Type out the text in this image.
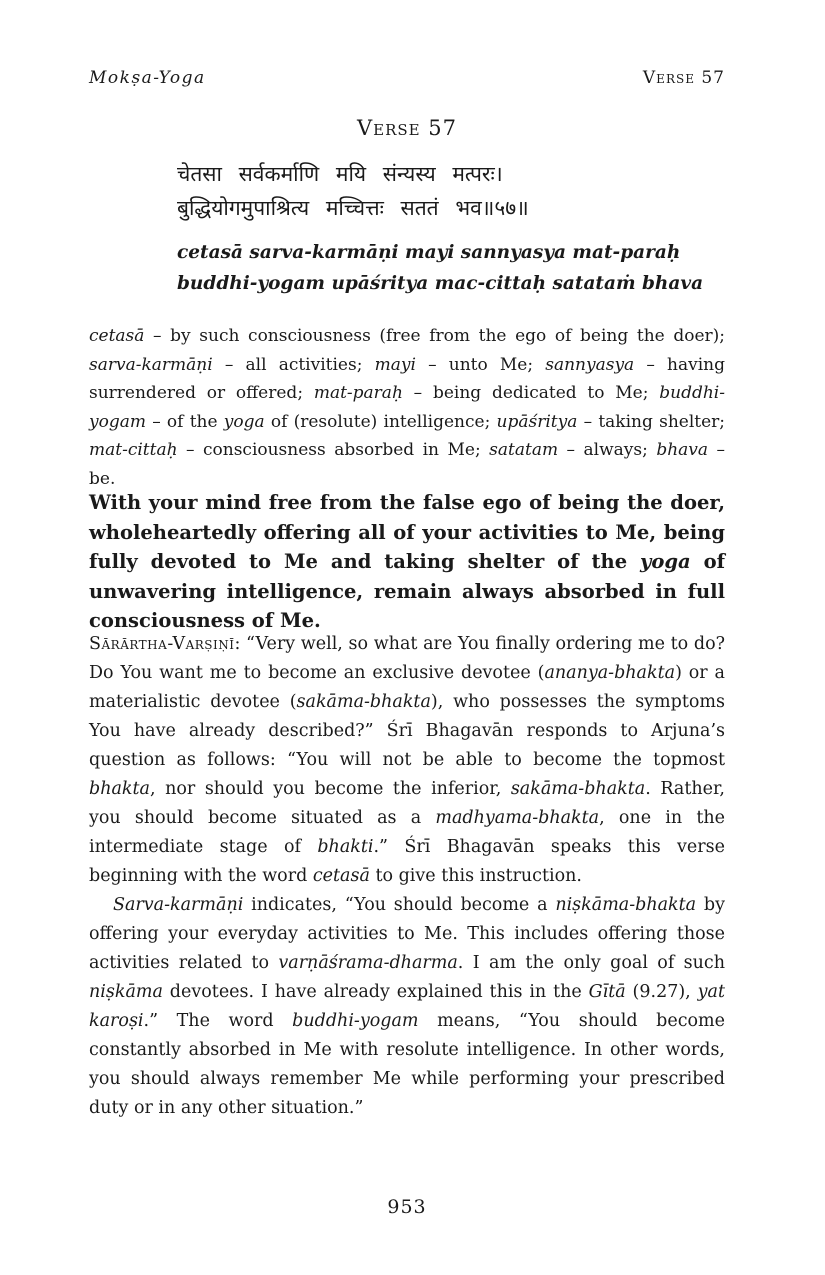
Mokṣa-Yoga	Verse 57
Verse 57

चेतसा सर्वकर्माणि मयि संन्यस्य मत्परः।
बुद्धियोगमुपाश्रित्य मच्चित्तः सततं भव॥५७॥

cetasā sarva-karmāṇi mayi sannyasya mat-paraḥ
buddhi-yogam upāśritya mac-cittaḥ satataṁ bhava

cetasā – by such consciousness (free from the ego of being the doer); sarva-karmāṇi – all activities; mayi – unto Me; sannyasya – having surrendered or offered; mat-paraḥ – being dedicated to Me; buddhi-yogam – of the yoga of (resolute) intelligence; upāśritya – taking shelter; mat-cittaḥ – consciousness absorbed in Me; satatam – always; bhava – be.

With your mind free from the false ego of being the doer, wholeheartedly offering all of your activities to Me, being fully devoted to Me and taking shelter of the yoga of unwavering intelligence, remain always absorbed in full consciousness of Me.

Sārārtha-Varṣiṇī: “Very well, so what are You finally ordering me to do? Do You want me to become an exclusive devotee (ananya-bhakta) or a materialistic devotee (sakāma-bhakta), who possesses the symptoms You have already described?” Śrī Bhagavān responds to Arjuna’s question as follows: “You will not be able to become the topmost bhakta, nor should you become the inferior, sakāma-bhakta. Rather, you should become situated as a madhyama-bhakta, one in the intermediate stage of bhakti.” Śrī Bhagavān speaks this verse beginning with the word cetasā to give this instruction.

Sarva-karmāṇi indicates, “You should become a niṣkāma-bhakta by offering your everyday activities to Me. This includes offering those activities related to varṇāśrama-dharma. I am the only goal of such niṣkāma devotees. I have already explained this in the Gītā (9.27), yat karoṣi.” The word buddhi-yogam means, “You should become constantly absorbed in Me with resolute intelligence. In other words, you should always remember Me while performing your prescribed duty or in any other situation.”

953
